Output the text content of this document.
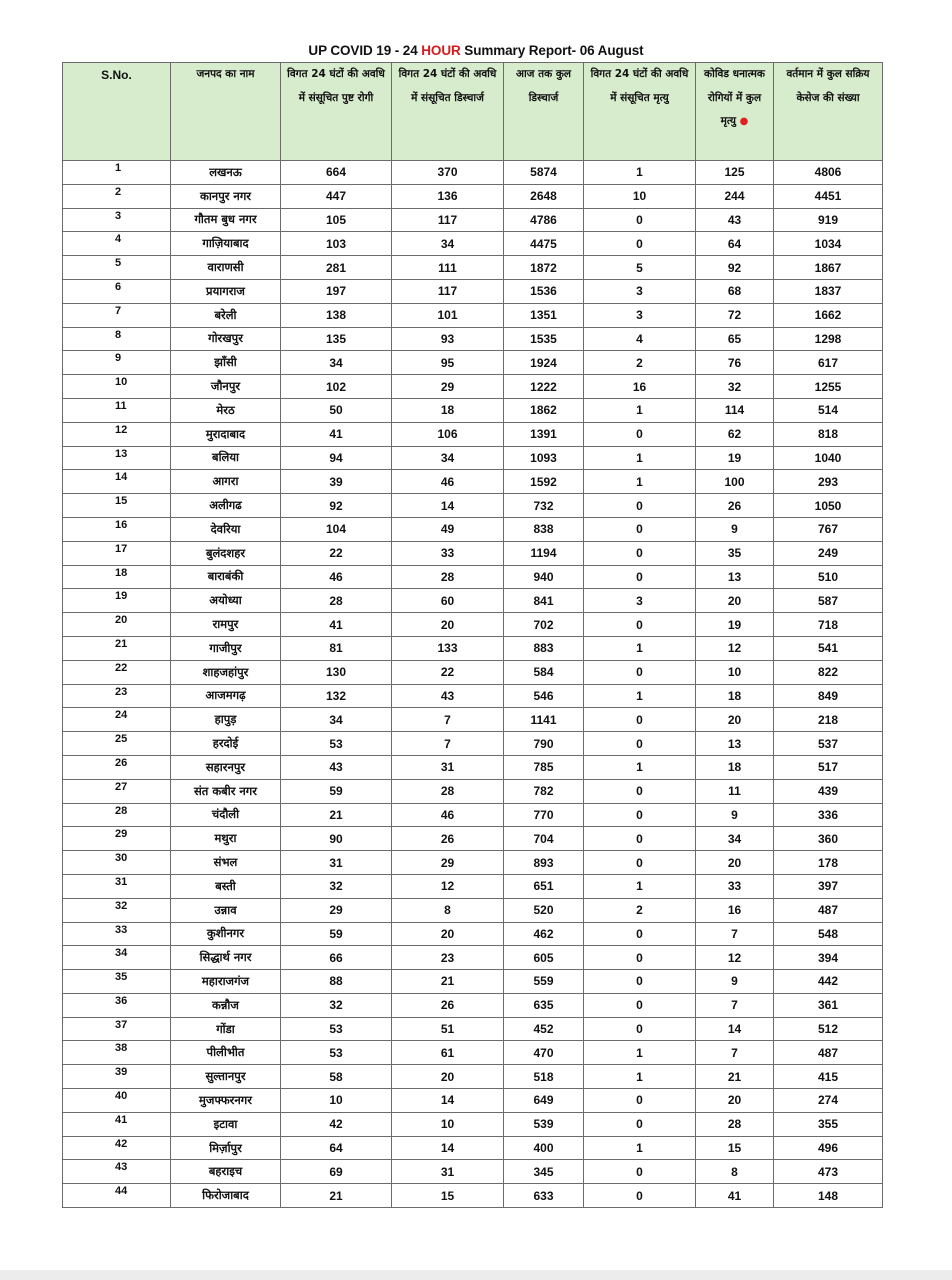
UP COVID 19 - 24 HOUR Summary Report- 06 August
S.No.	जनपद का नाम	विगत 24 घंटों की अवधि में संसूचित पुष्ट रोगी	विगत 24 घंटों की अवधि में संसूचित डिस्चार्ज	आज तक कुल डिस्चार्ज	विगत 24 घंटों की अवधि में संसूचित मृत्यु	कोविड धनात्मक रोगियों में कुल मृत्यु ●	वर्तमान में कुल सक्रिय केसेज की संख्या

1	लखनऊ	664	370	5874	1	125	4806
2	कानपुर नगर	447	136	2648	10	244	4451
3	गौतम बुध नगर	105	117	4786	0	43	919
4	गाज़ियाबाद	103	34	4475	0	64	1034
5	वाराणसी	281	111	1872	5	92	1867
6	प्रयागराज	197	117	1536	3	68	1837
7	बरेली	138	101	1351	3	72	1662
8	गोरखपुर	135	93	1535	4	65	1298
9	झाँसी	34	95	1924	2	76	617
10	जौनपुर	102	29	1222	16	32	1255
11	मेरठ	50	18	1862	1	114	514
12	मुरादाबाद	41	106	1391	0	62	818
13	बलिया	94	34	1093	1	19	1040
14	आगरा	39	46	1592	1	100	293
15	अलीगढ	92	14	732	0	26	1050
16	देवरिया	104	49	838	0	9	767
17	बुलंदशहर	22	33	1194	0	35	249
18	बाराबंकी	46	28	940	0	13	510
19	अयोध्या	28	60	841	3	20	587
20	रामपुर	41	20	702	0	19	718
21	गाजीपुर	81	133	883	1	12	541
22	शाहजहांपुर	130	22	584	0	10	822
23	आजमगढ़	132	43	546	1	18	849
24	हापुड़	34	7	1141	0	20	218
25	हरदोई	53	7	790	0	13	537
26	सहारनपुर	43	31	785	1	18	517
27	संत कबीर नगर	59	28	782	0	11	439
28	चंदौली	21	46	770	0	9	336
29	मथुरा	90	26	704	0	34	360
30	संभल	31	29	893	0	20	178
31	बस्ती	32	12	651	1	33	397
32	उन्नाव	29	8	520	2	16	487
33	कुशीनगर	59	20	462	0	7	548
34	सिद्धार्थ नगर	66	23	605	0	12	394
35	महाराजगंज	88	21	559	0	9	442
36	कन्नौज	32	26	635	0	7	361
37	गोंडा	53	51	452	0	14	512
38	पीलीभीत	53	61	470	1	7	487
39	सुल्तानपुर	58	20	518	1	21	415
40	मुजफ्फरनगर	10	14	649	0	20	274
41	इटावा	42	10	539	0	28	355
42	मिर्ज़ापुर	64	14	400	1	15	496
43	बहराइच	69	31	345	0	8	473
44	फिरोजाबाद	21	15	633	0	41	148
